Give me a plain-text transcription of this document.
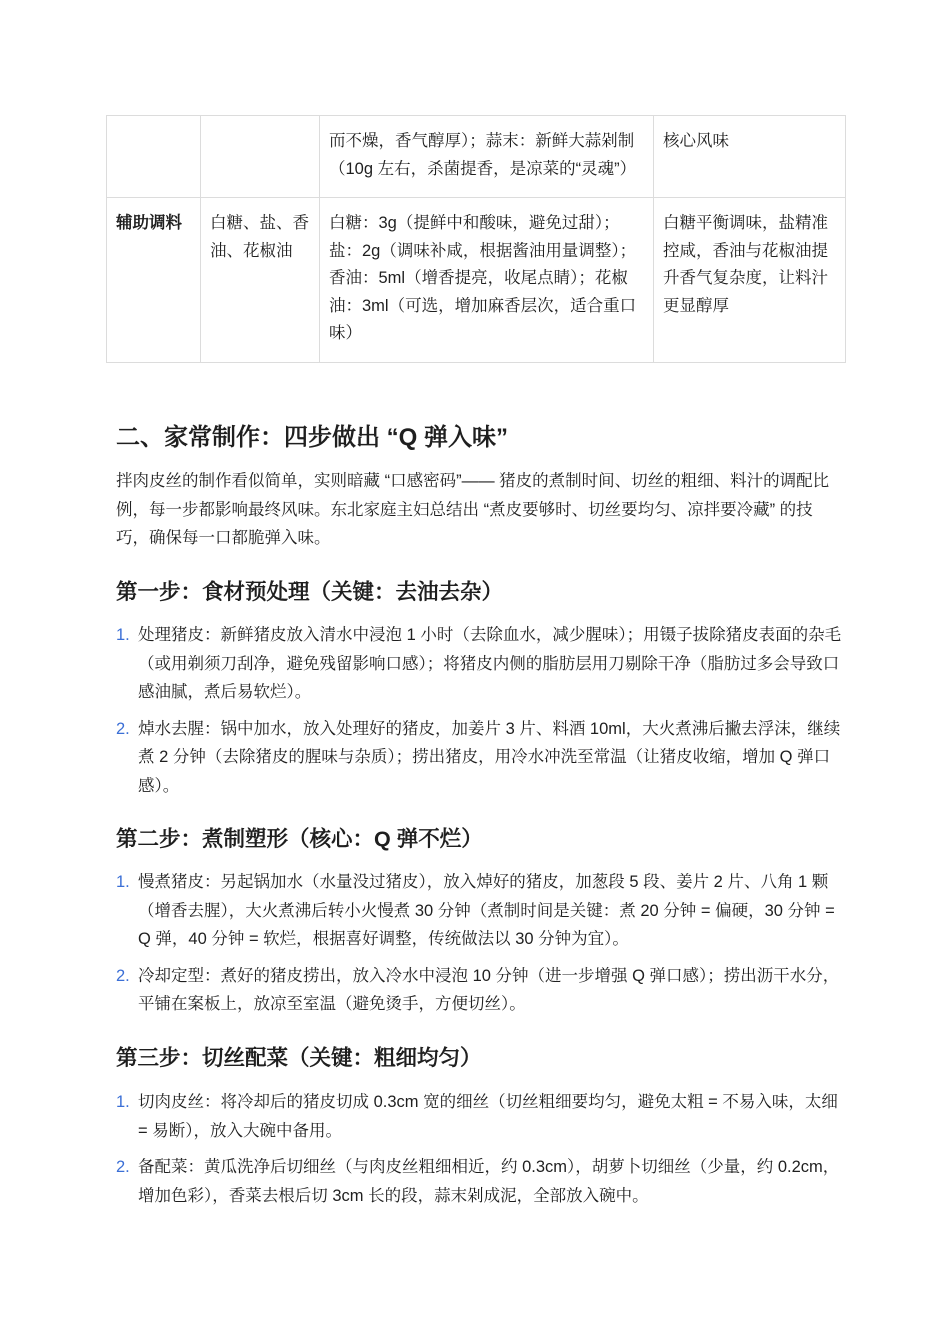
		而不燥，香气醇厚）；蒜末：新鲜大蒜剁制（10g 左右，杀菌提香，是凉菜的“灵魂”）	核心风味
辅助调料	白糖、盐、香油、花椒油	白糖：3g（提鲜中和酸味，避免过甜）；盐：2g（调味补咸，根据酱油用量调整）；香油：5ml（增香提亮，收尾点睛）；花椒油：3ml（可选，增加麻香层次，适合重口味）	白糖平衡调味，盐精准控咸，香油与花椒油提升香气复杂度，让料汁更显醇厚
二、家常制作：四步做出 “Q 弹入味”

拌肉皮丝的制作看似简单，实则暗藏 “口感密码”—— 猪皮的煮制时间、切丝的粗细、料汁的调配比例，每一步都影响最终风味。东北家庭主妇总结出 “煮皮要够时、切丝要均匀、凉拌要冷藏” 的技巧，确保每一口都脆弹入味。

第一步：食材预处理（关键：去油去杂）
1. 处理猪皮：新鲜猪皮放入清水中浸泡 1 小时（去除血水，减少腥味）；用镊子拔除猪皮表面的杂毛（或用剃须刀刮净，避免残留影响口感）；将猪皮内侧的脂肪层用刀剔除干净（脂肪过多会导致口感油腻，煮后易软烂）。
2. 焯水去腥：锅中加水，放入处理好的猪皮，加姜片 3 片、料酒 10ml，大火煮沸后撇去浮沫，继续煮 2 分钟（去除猪皮的腥味与杂质）；捞出猪皮，用冷水冲洗至常温（让猪皮收缩，增加 Q 弹口感）。
第二步：煮制塑形（核心：Q 弹不烂）
1. 慢煮猪皮：另起锅加水（水量没过猪皮），放入焯好的猪皮，加葱段 5 段、姜片 2 片、八角 1 颗（增香去腥），大火煮沸后转小火慢煮 30 分钟（煮制时间是关键：煮 20 分钟 = 偏硬，30 分钟 = Q 弹，40 分钟 = 软烂，根据喜好调整，传统做法以 30 分钟为宜）。
2. 冷却定型：煮好的猪皮捞出，放入冷水中浸泡 10 分钟（进一步增强 Q 弹口感）；捞出沥干水分，平铺在案板上，放凉至室温（避免烫手，方便切丝）。
第三步：切丝配菜（关键：粗细均匀）
1. 切肉皮丝：将冷却后的猪皮切成 0.3cm 宽的细丝（切丝粗细要均匀，避免太粗 = 不易入味，太细 = 易断），放入大碗中备用。
2. 备配菜：黄瓜洗净后切细丝（与肉皮丝粗细相近，约 0.3cm），胡萝卜切细丝（少量，约 0.2cm，增加色彩），香菜去根后切 3cm 长的段，蒜末剁成泥，全部放入碗中。
